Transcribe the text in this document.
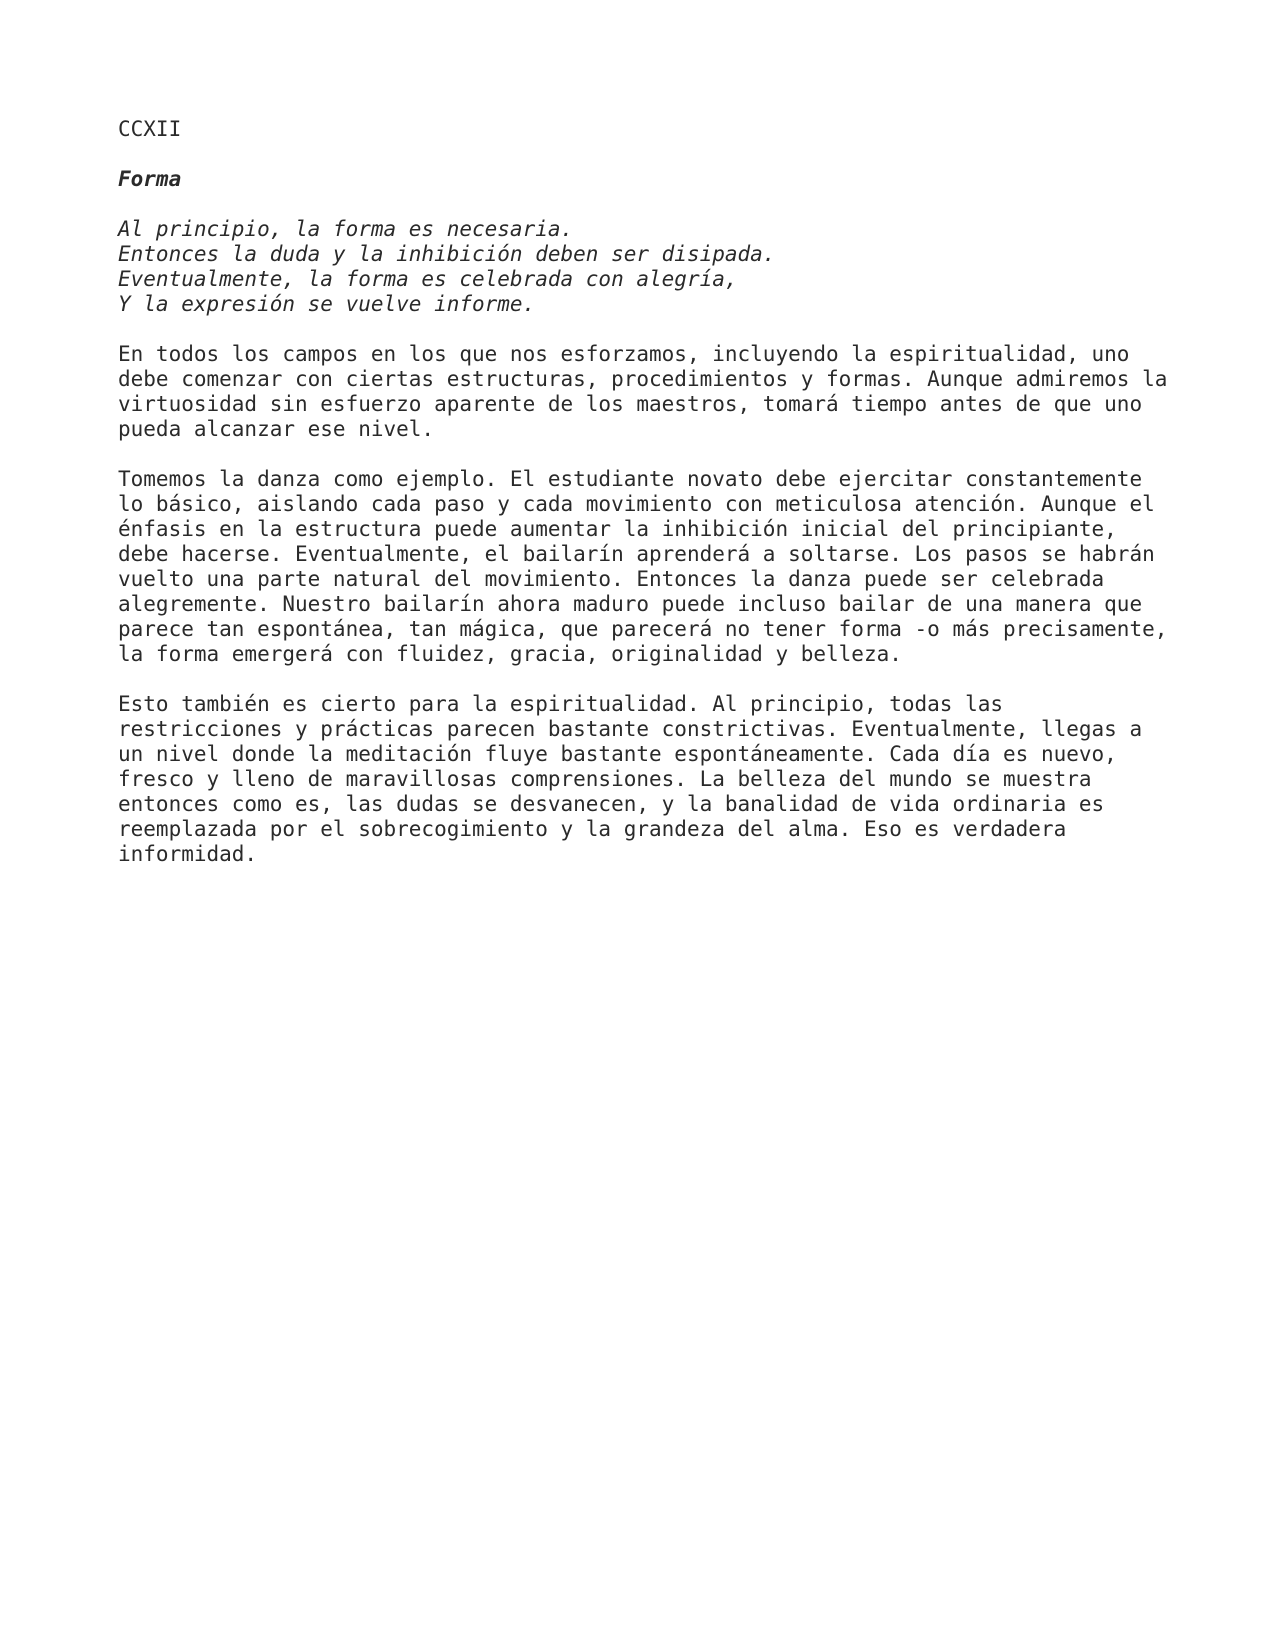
CCXII
Forma
Al principio, la forma es necesaria.
Entonces la duda y la inhibición deben ser disipada.
Eventualmente, la forma es celebrada con alegría,
Y la expresión se vuelve informe.
En todos los campos en los que nos esforzamos, incluyendo la espiritualidad, uno
debe comenzar con ciertas estructuras, procedimientos y formas. Aunque admiremos la
virtuosidad sin esfuerzo aparente de los maestros, tomará tiempo antes de que uno
pueda alcanzar ese nivel.
Tomemos la danza como ejemplo. El estudiante novato debe ejercitar constantemente
lo básico, aislando cada paso y cada movimiento con meticulosa atención. Aunque el
énfasis en la estructura puede aumentar la inhibición inicial del principiante,
debe hacerse. Eventualmente, el bailarín aprenderá a soltarse. Los pasos se habrán
vuelto una parte natural del movimiento. Entonces la danza puede ser celebrada
alegremente. Nuestro bailarín ahora maduro puede incluso bailar de una manera que
parece tan espontánea, tan mágica, que parecerá no tener forma -o más precisamente,
la forma emergerá con fluidez, gracia, originalidad y belleza.
Esto también es cierto para la espiritualidad. Al principio, todas las
restricciones y prácticas parecen bastante constrictivas. Eventualmente, llegas a
un nivel donde la meditación fluye bastante espontáneamente. Cada día es nuevo,
fresco y lleno de maravillosas comprensiones. La belleza del mundo se muestra
entonces como es, las dudas se desvanecen, y la banalidad de vida ordinaria es
reemplazada por el sobrecogimiento y la grandeza del alma. Eso es verdadera
informidad.
